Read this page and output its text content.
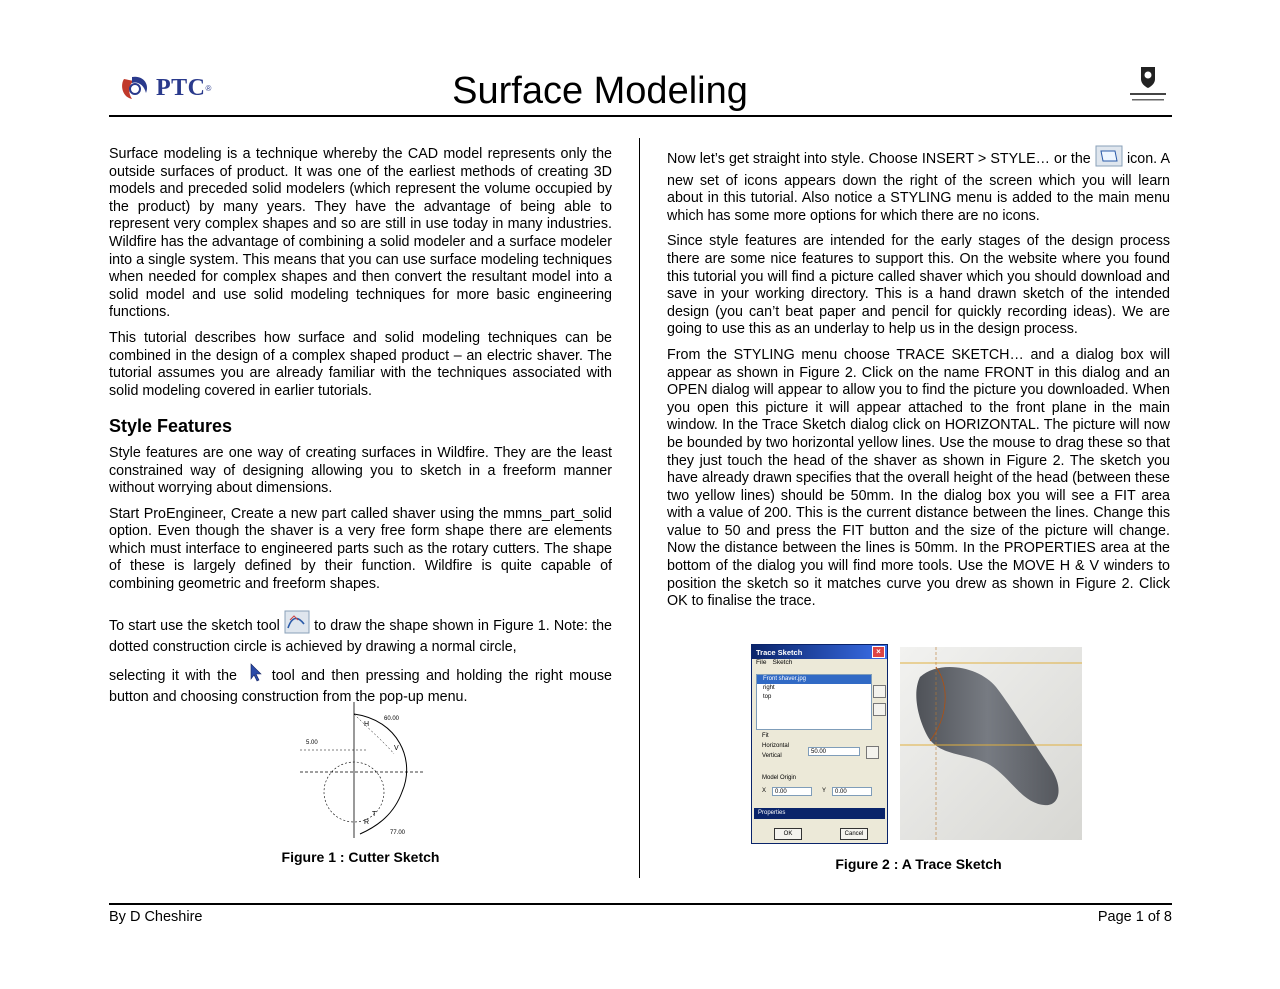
PTC ®	Surface Modeling

Surface modeling is a technique whereby the CAD model represents only the outside surfaces of product. It was one of the earliest methods of creating 3D models and preceded solid modelers (which represent the volume occupied by the product) by many years. They have the advantage of being able to represent very complex shapes and so are still in use today in many industries. Wildfire has the advantage of combining a solid modeler and a surface modeler into a single system. This means that you can use surface modeling techniques when needed for complex shapes and then convert the resultant model into a solid model and use solid modeling techniques for more basic engineering functions.

This tutorial describes how surface and solid modeling techniques can be combined in the design of a complex shaped product – an electric shaver. The tutorial assumes you are already familiar with the techniques associated with solid modeling covered in earlier tutorials.

Style Features

Style features are one way of creating surfaces in Wildfire. They are the least constrained way of designing allowing you to sketch in a freeform manner without worrying about dimensions.

Start ProEngineer, Create a new part called shaver using the mmns_part_solid option. Even though the shaver is a very free form shape there are elements which must interface to engineered parts such as the rotary cutters. The shape of these is largely defined by their function. Wildfire is quite capable of combining geometric and freeform shapes.

To start use the sketch tool to draw the shape shown in Figure 1. Note: the dotted construction circle is achieved by drawing a normal circle,

selecting it with the tool and then pressing and holding the right mouse button and choosing construction from the pop-up menu.

H
V
T
R
5.00
60.00
77.00
Figure 1 : Cutter Sketch

Now let’s get straight into style. Choose INSERT > STYLE… or the	icon. A new set of icons appears down the right of the screen which you will learn about in this tutorial. Also notice a STYLING menu is added to the main menu which has some more options for which there are no icons.

Since style features are intended for the early stages of the design process there are some nice features to support this. On the website where you found this tutorial you will find a picture called shaver which you should download and save in your working directory. This is a hand drawn sketch of the intended design (you can’t beat paper and pencil for quickly recording ideas). We are going to use this as an underlay to help us in the design process.

From the STYLING menu choose TRACE SKETCH… and a dialog box will appear as shown in Figure 2. Click on the name FRONT in this dialog and an OPEN dialog will appear to allow you to find the picture you downloaded. When you open this picture it will appear attached to the front plane in the main window. In the Trace Sketch dialog click on HORIZONTAL. The picture will now be bounded by two horizontal yellow lines. Use the mouse to drag these so that they just touch the head of the shaver as shown in Figure 2. The sketch you have already drawn specifies that the overall height of the head (between these two yellow lines) should be 50mm. In the dialog box you will see a FIT area with a value of 200. This is the current distance between the lines. Change this value to 50 and press the FIT button and the size of the picture will change. Now the distance between the lines is 50mm. In the PROPERTIES area at the bottom of the dialog you will find more tools. Use the MOVE H & V winders to position the sketch so it matches curve you drew as shown in Figure 2. Click OK to finalise the trace.

Trace Sketch	×
File Sketch
Front shaver.jpg
right
top
Fit
Horizontal
Vertical
50.00
Model Origin
X	0.00	Y	0.00
Properties
OK	Cancel
Figure 2 : A Trace Sketch
By D Cheshire	Page 1 of 8
